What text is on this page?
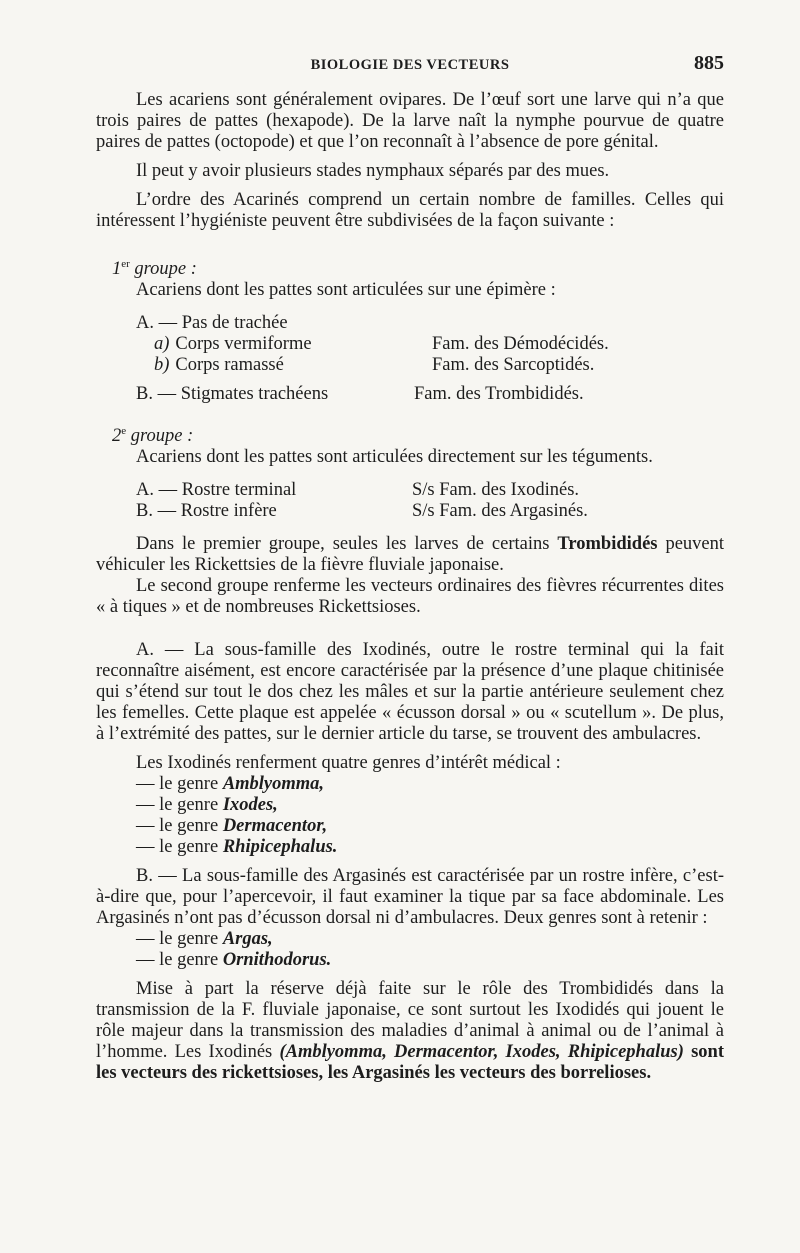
BIOLOGIE DES VECTEURS	885

Les acariens sont généralement ovipares. De l’œuf sort une larve qui n’a que trois paires de pattes (hexapode). De la larve naît la nymphe pourvue de quatre paires de pattes (octopode) et que l’on reconnaît à l’absence de pore génital.

Il peut y avoir plusieurs stades nymphaux séparés par des mues.

L’ordre des Acarinés comprend un certain nombre de familles. Celles qui intéressent l’hygiéniste peuvent être subdivisées de la façon suivante :

1er groupe :

Acariens dont les pattes sont articulées sur une épimère :

A. — Pas de trachée
a) Corps vermiforme	Fam. des Démodécidés.
b) Corps ramassé	Fam. des Sarcoptidés.
B. — Stigmates trachéens	Fam. des Trombididés.
2e groupe :

Acariens dont les pattes sont articulées directement sur les téguments.

A. — Rostre terminal	S/s Fam. des Ixodinés.
B. — Rostre infère	S/s Fam. des Argasinés.

Dans le premier groupe, seules les larves de certains Trombididés peuvent véhiculer les Rickettsies de la fièvre fluviale japonaise.

Le second groupe renferme les vecteurs ordinaires des fièvres récurrentes dites « à tiques » et de nombreuses Rickettsioses.

A. — La sous-famille des Ixodinés, outre le rostre terminal qui la fait reconnaître aisément, est encore caractérisée par la présence d’une plaque chitinisée qui s’étend sur tout le dos chez les mâles et sur la partie antérieure seulement chez les femelles. Cette plaque est appelée « écusson dorsal » ou « scutellum ». De plus, à l’extrémité des pattes, sur le dernier article du tarse, se trouvent des ambulacres.

Les Ixodinés renferment quatre genres d’intérêt médical :

— le genre Amblyomma,
— le genre Ixodes,
— le genre Dermacentor,
— le genre Rhipicephalus.

B. — La sous-famille des Argasinés est caractérisée par un rostre infère, c’est-à-dire que, pour l’apercevoir, il faut examiner la tique par sa face abdominale. Les Argasinés n’ont pas d’écusson dorsal ni d’ambulacres. Deux genres sont à retenir :

— le genre Argas,
— le genre Ornithodorus.

Mise à part la réserve déjà faite sur le rôle des Trombididés dans la transmission de la F. fluviale japonaise, ce sont surtout les Ixodidés qui jouent le rôle majeur dans la transmission des maladies d’animal à animal ou de l’animal à l’homme. Les Ixodinés (Amblyomma, Dermacentor, Ixodes, Rhipicephalus) sont les vecteurs des rickettsioses, les Argasinés les vecteurs des borrelioses.
